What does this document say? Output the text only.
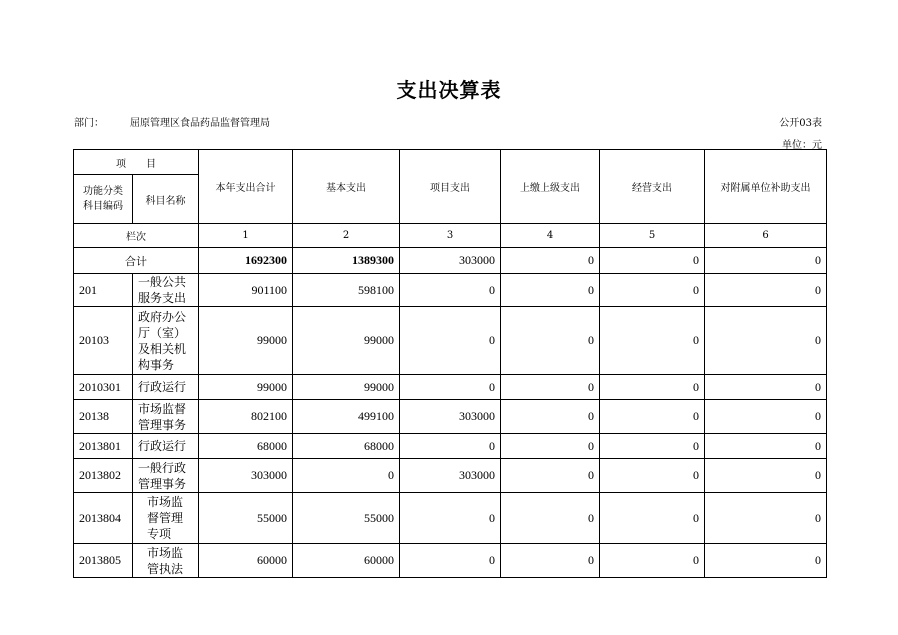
支出决算表
部门：	屈原管理区食品药品监督管理局	公开03表
单位：元
项　　目		本年支出合计	基本支出	项目支出	上缴上级支出	经营支出	对附属单位补助支出
功能分类科目编码	科目名称						
栏次		1	2	3	4	5	6
合计		1692300	1389300	303000	0	0	0
201	一般公共服务支出	901100	598100	0	0	0	0
20103	政府办公厅（室）及相关机构事务	99000	99000	0	0	0	0
2010301	行政运行	99000	99000	0	0	0	0
20138	市场监督管理事务	802100	499100	303000	0	0	0
2013801	行政运行	68000	68000	0	0	0	0
2013802	一般行政管理事务	303000	0	303000	0	0	0
2013804	市场监督管理专项	55000	55000	0	0	0	0
2013805	市场监管执法	60000	60000	0	0	0	0
